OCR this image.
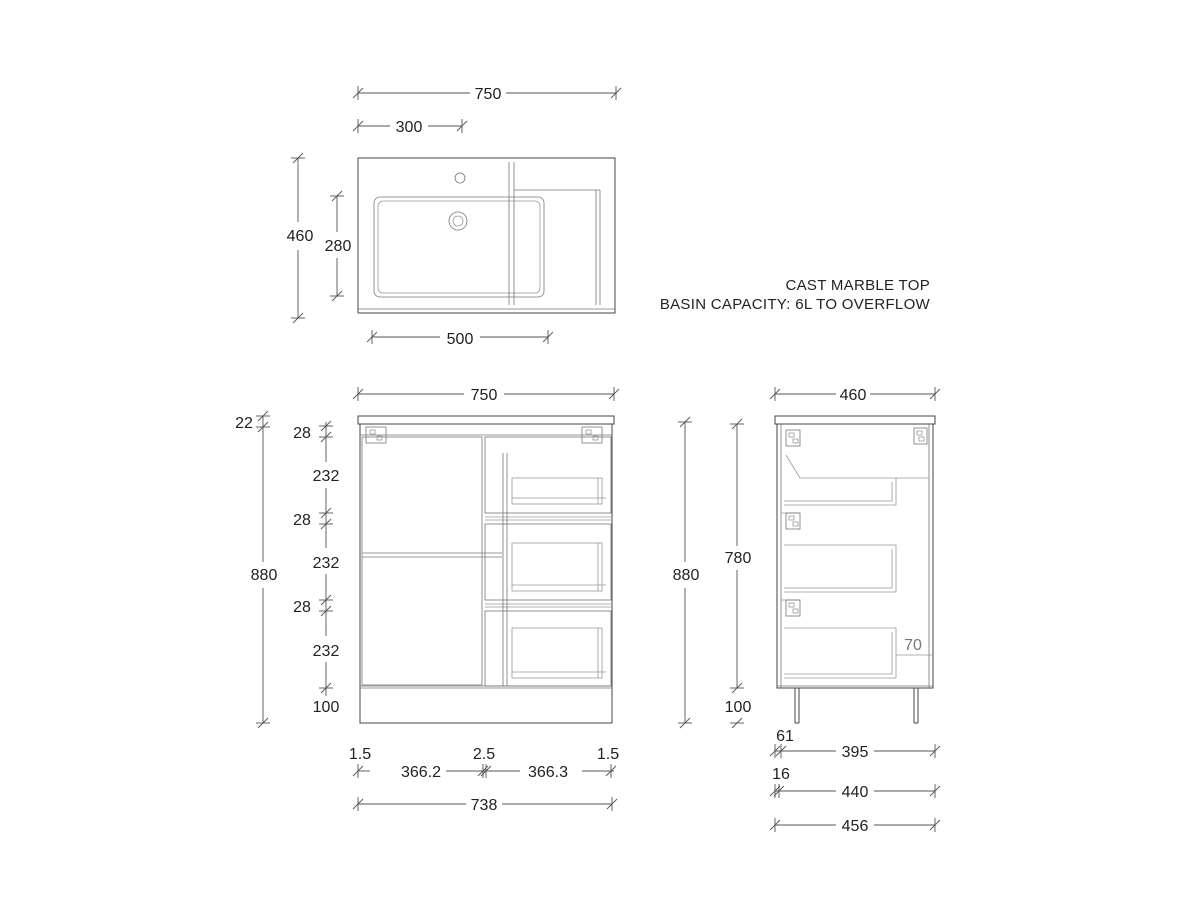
750
300
460
280
500
CAST MARBLE TOP
BASIN CAPACITY: 6L TO OVERFLOW
750
22
880
28
232
28
232
28
232
100
1.5	2.5	1.5
366.2	366.3
738
460
880
780
100
70
61
395
16
440
456
